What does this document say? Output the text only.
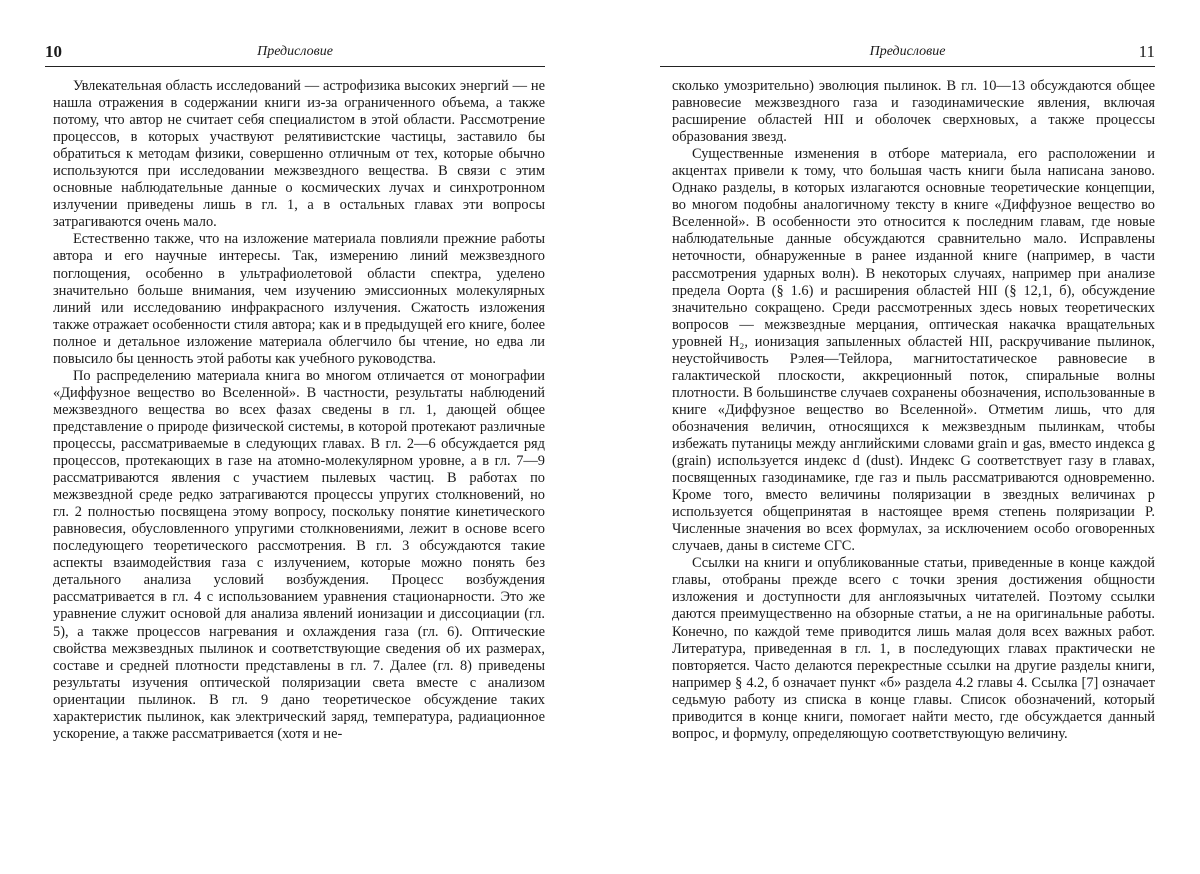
10	Предисловие

Увлекательная область исследований — астрофизика высоких энергий — не нашла отражения в содержании книги из-за ограниченного объема, а также потому, что автор не считает себя специалистом в этой области. Рассмотрение процессов, в которых участвуют релятивистские частицы, заставило бы обратиться к методам физики, совершенно отличным от тех, которые обычно используются при исследовании межзвездного вещества. В связи с этим основные наблюдательные данные о космических лучах и синхротронном излучении приведены лишь в гл. 1, а в остальных главах эти вопросы затрагиваются очень мало.

Естественно также, что на изложение материала повлияли прежние работы автора и его научные интересы. Так, измерению линий межзвездного поглощения, особенно в ультрафиолетовой области спектра, уделено значительно больше внимания, чем изучению эмиссионных молекулярных линий или исследованию инфракрасного излучения. Сжатость изложения также отражает особенности стиля автора; как и в предыдущей его книге, более полное и детальное изложение материала облегчило бы чтение, но едва ли повысило бы ценность этой работы как учебного руководства.

По распределению материала книга во многом отличается от монографии «Диффузное вещество во Вселенной». В частности, результаты наблюдений межзвездного вещества во всех фазах сведены в гл. 1, дающей общее представление о природе физической системы, в которой протекают различные процессы, рассматриваемые в следующих главах. В гл. 2—6 обсуждается ряд процессов, протекающих в газе на атомно-молекулярном уровне, а в гл. 7—9 рассматриваются явления с участием пылевых частиц. В работах по межзвездной среде редко затрагиваются процессы упругих столкновений, но гл. 2 полностью посвящена этому вопросу, поскольку понятие кинетического равновесия, обусловленного упругими столкновениями, лежит в основе всего последующего теоретического рассмотрения. В гл. 3 обсуждаются такие аспекты взаимодействия газа с излучением, которые можно понять без детального анализа условий возбуждения. Процесс возбуждения рассматривается в гл. 4 с использованием уравнения стационарности. Это же уравнение служит основой для анализа явлений ионизации и диссоциации (гл. 5), а также процессов нагревания и охлаждения газа (гл. 6). Оптические свойства межзвездных пылинок и соответствующие сведения об их размерах, составе и средней плотности представлены в гл. 7. Далее (гл. 8) приведены результаты изучения оптической поляризации света вместе с анализом ориентации пылинок. В гл. 9 дано теоретическое обсуждение таких характеристик пылинок, как электрический заряд, температура, радиационное ускорение, а также рассматривается (хотя и не-

Предисловие	11

сколько умозрительно) эволюция пылинок. В гл. 10—13 обсуждаются общее равновесие межзвездного газа и газодинамические явления, включая расширение областей HII и оболочек сверхновых, а также процессы образования звезд.

Существенные изменения в отборе материала, его расположении и акцентах привели к тому, что большая часть книги была написана заново. Однако разделы, в которых излагаются основные теоретические концепции, во многом подобны аналогичному тексту в книге «Диффузное вещество во Вселенной». В особенности это относится к последним главам, где новые наблюдательные данные обсуждаются сравнительно мало. Исправлены неточности, обнаруженные в ранее изданной книге (например, в части рассмотрения ударных волн). В некоторых случаях, например при анализе предела Оорта (§ 1.6) и расширения областей HII (§ 12,1, б), обсуждение значительно сокращено. Среди рассмотренных здесь новых теоретических вопросов — межзвездные мерцания, оптическая накачка вращательных уровней H₂, ионизация запыленных областей HII, раскручивание пылинок, неустойчивость Рэлея—Тейлора, магнитостатическое равновесие в галактической плоскости, аккреционный поток, спиральные волны плотности. В большинстве случаев сохранены обозначения, использованные в книге «Диффузное вещество во Вселенной». Отметим лишь, что для обозначения величин, относящихся к межзвездным пылинкам, чтобы избежать путаницы между английскими словами grain и gas, вместо индекса g (grain) используется индекс d (dust). Индекс G соответствует газу в главах, посвященных газодинамике, где газ и пыль рассматриваются одновременно. Кроме того, вместо величины поляризации в звездных величинах p используется общепринятая в настоящее время степень поляризации P. Численные значения во всех формулах, за исключением особо оговоренных случаев, даны в системе СГС.

Ссылки на книги и опубликованные статьи, приведенные в конце каждой главы, отобраны прежде всего с точки зрения достижения общности изложения и доступности для англоязычных читателей. Поэтому ссылки даются преимущественно на обзорные статьи, а не на оригинальные работы. Конечно, по каждой теме приводится лишь малая доля всех важных работ. Литература, приведенная в гл. 1, в последующих главах практически не повторяется. Часто делаются перекрестные ссылки на другие разделы книги, например § 4.2, б означает пункт «б» раздела 4.2 главы 4. Ссылка [7] означает седьмую работу из списка в конце главы. Список обозначений, который приводится в конце книги, помогает найти место, где обсуждается данный вопрос, и формулу, определяющую соответствующую величину.
